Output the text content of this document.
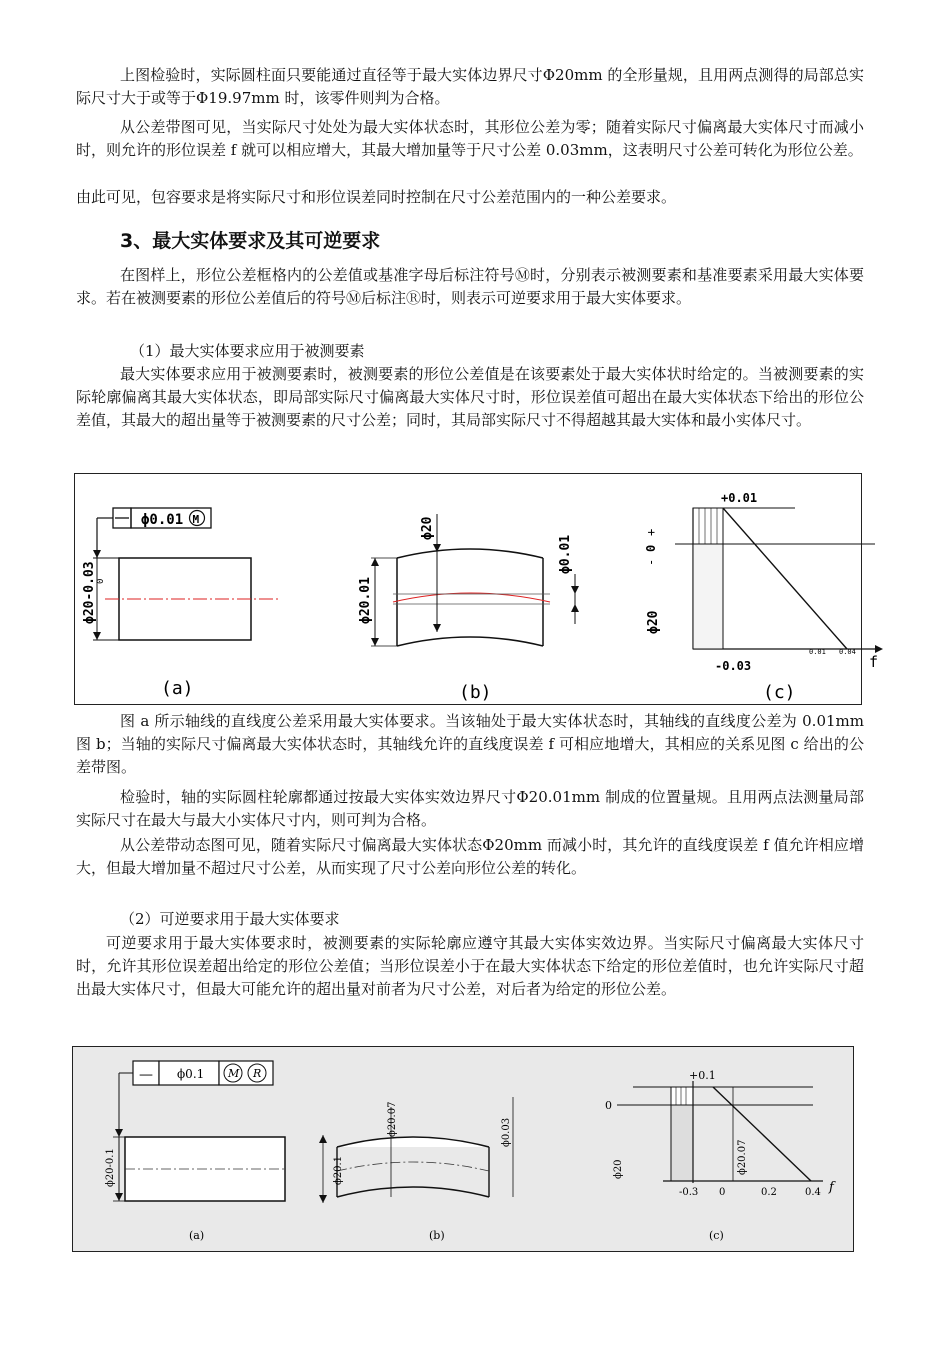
上图检验时，实际圆柱面只要能通过直径等于最大实体边界尺寸Φ20mm 的全形量规，且用两点测得的局部总实际尺寸大于或等于Φ19.97mm 时，该零件则判为合格。

从公差带图可见，当实际尺寸处处为最大实体状态时，其形位公差为零；随着实际尺寸偏离最大实体尺寸而减小时，则允许的形位误差 f 就可以相应增大，其最大增加量等于尺寸公差 0.03mm，这表明尺寸公差可转化为形位公差。

由此可见，包容要求是将实际尺寸和形位误差同时控制在尺寸公差范围内的一种公差要求。

3、最大实体要求及其可逆要求

在图样上，形位公差框格内的公差值或基准字母后标注符号Ⓜ时，分别表示被测要素和基准要素采用最大实体要求。若在被测要素的形位公差值后的符号Ⓜ后标注Ⓡ时，则表示可逆要求用于最大实体要求。

（1）最大实体要求应用于被测要素

最大实体要求应用于被测要素时，被测要素的形位公差值是在该要素处于最大实体状时给定的。当被测要素的实际轮廓偏离其最大实体状态，即局部实际尺寸偏离最大实体尺寸时，形位误差值可超出在最大实体状态下给出的形位公差值，其最大的超出量等于被测要素的尺寸公差；同时，其局部实际尺寸不得超越其最大实体和最小实体尺寸。

ϕ0.01 M
ϕ20-0.03 0
(a)
ϕ20
ϕ20.01
ϕ0.01
(b)
+0.01
0
+
-
ϕ20
-0.03
0.01 0.04
f
(c)

图 a 所示轴线的直线度公差采用最大实体要求。当该轴处于最大实体状态时，其轴线的直线度公差为 0.01mm 图 b；当轴的实际尺寸偏离最大实体状态时，其轴线允许的直线度误差 f 可相应地增大，其相应的关系见图 c 给出的公差带图。

检验时，轴的实际圆柱轮廓都通过按最大实体实效边界尺寸Φ20.01mm 制成的位置量规。且用两点法测量局部实际尺寸在最大与最大小实体尺寸内，则可判为合格。

从公差带动态图可见，随着实际尺寸偏离最大实体状态Φ20mm 而减小时，其允许的直线度误差 f 值允许相应增大，但最大增加量不超过尺寸公差，从而实现了尺寸公差向形位公差的转化。

（2）可逆要求用于最大实体要求

可逆要求用于最大实体要求时，被测要素的实际轮廓应遵守其最大实体实效边界。当实际尺寸偏离最大实体尺寸时，允许其形位误差超出给定的形位公差值；当形位误差小于在最大实体状态下给定的形位差值时，也允许实际尺寸超出最大实体尺寸，但最大可能允许的超出量对前者为尺寸公差，对后者为给定的形位公差。

— ϕ0.1 M R
ϕ20-0.1
(a)
ϕ20.07
ϕ20.1
ϕ0.03
(b)
+0.1
0
ϕ20	ϕ20.07
-0.3 0	0.2	0.4 f
(c)
